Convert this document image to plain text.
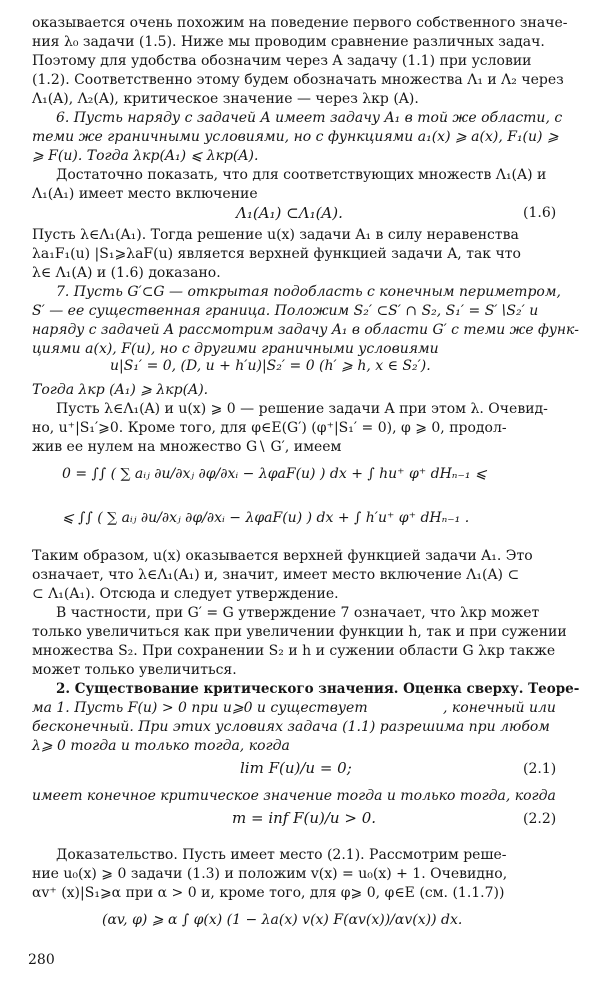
оказывается очень похожим на поведение первого собственного значе-
ния λ₀ задачи (1.5). Ниже мы проводим сравнение различных задач.
Поэтому для удобства обозначим через A задачу (1.1) при условии
(1.2). Соответственно этому будем обозначать множества Λ₁ и Λ₂ через
Λ₁(A), Λ₂(A), критическое значение — через λкр (A).
6. Пусть наряду с задачей A имеет задачу A₁ в той же области, с
теми же граничными условиями, но с функциями a₁(x) ⩾ a(x), F₁(u) ⩾
⩾ F(u). Тогда λкр(A₁) ⩽ λкр(A).
Достаточно показать, что для соответствующих множеств Λ₁(A) и
Λ₁(A₁) имеет место включение
Λ₁(A₁) ⊂Λ₁(A).	(1.6)
Пусть λ∈Λ₁(A₁). Тогда решение u(x) задачи A₁ в силу неравенства
λa₁F₁(u) |S₁⩾λaF(u) является верхней функцией задачи A, так что
λ∈ Λ₁(A) и (1.6) доказано.
7. Пусть G′⊂G — открытая подобласть с конечным периметром,
S′ — ее существенная граница. Положим S₂′ ⊂S′ ∩ S₂, S₁′ = S′∖S₂′ и
наряду с задачей A рассмотрим задачу A₁ в области G′ с теми же функ-
циями a(x), F(u), но с другими граничными условиями
u|S₁′ = 0, (D, u + h′u)|S₂′ = 0 (h′ ⩾ h, x ∈ S₂′).
Тогда λкр (A₁) ⩾ λкр(A).
Пусть λ∈Λ₁(A) и u(x) ⩾ 0 — решение задачи A при этом λ. Очевид-
но, u⁺|S₁′⩾0. Кроме того, для φ∈E(G′) (φ⁺|S₁′ = 0), φ ⩾ 0, продол-
жив ее нулем на множество G∖ G′, имеем
0 = ∫∫ ( ∑ aᵢⱼ ∂u/∂xⱼ ∂φ/∂xᵢ − λφaF(u) ) dx + ∫ hu⁺ φ⁺ dHₙ₋₁ ⩽
⩽ ∫∫ ( ∑ aᵢⱼ ∂u/∂xⱼ ∂φ/∂xᵢ − λφaF(u) ) dx + ∫ h′u⁺ φ⁺ dHₙ₋₁ .
Таким образом, u(x) оказывается верхней функцией задачи A₁. Это
означает, что λ∈Λ₁(A₁) и, значит, имеет место включение Λ₁(A) ⊂
⊂ Λ₁(A₁). Отсюда и следует утверждение.
В частности, при G′ = G утверждение 7 означает, что λкр может
только увеличиться как при увеличении функции h, так и при сужении
множества S₂. При сохранении S₂ и h и сужении области G λкр также
может только увеличиться.
2. Существование критического значения. Оценка сверху. Теоре-
ма 1. Пусть F(u) > 0 при u⩾0 и существует	, конечный или
бесконечный. При этих условиях задача (1.1) разрешима при любом
λ⩾ 0 тогда и только тогда, когда
lim F(u)/u = 0;	(2.1)
имеет конечное критическое значение тогда и только тогда, когда
m = inf F(u)/u > 0.	(2.2)
Доказательство. Пусть имеет место (2.1). Рассмотрим реше-
ние u₀(x) ⩾ 0 задачи (1.3) и положим v(x) = u₀(x) + 1. Очевидно,
αv⁺ (x)|S₁⩾α при α > 0 и, кроме того, для φ⩾ 0, φ∈E (см. (1.1.7))
(αv, φ) ⩾ α ∫ φ(x) (1 − λa(x) v(x) F(αv(x))/αv(x)) dx.
280
